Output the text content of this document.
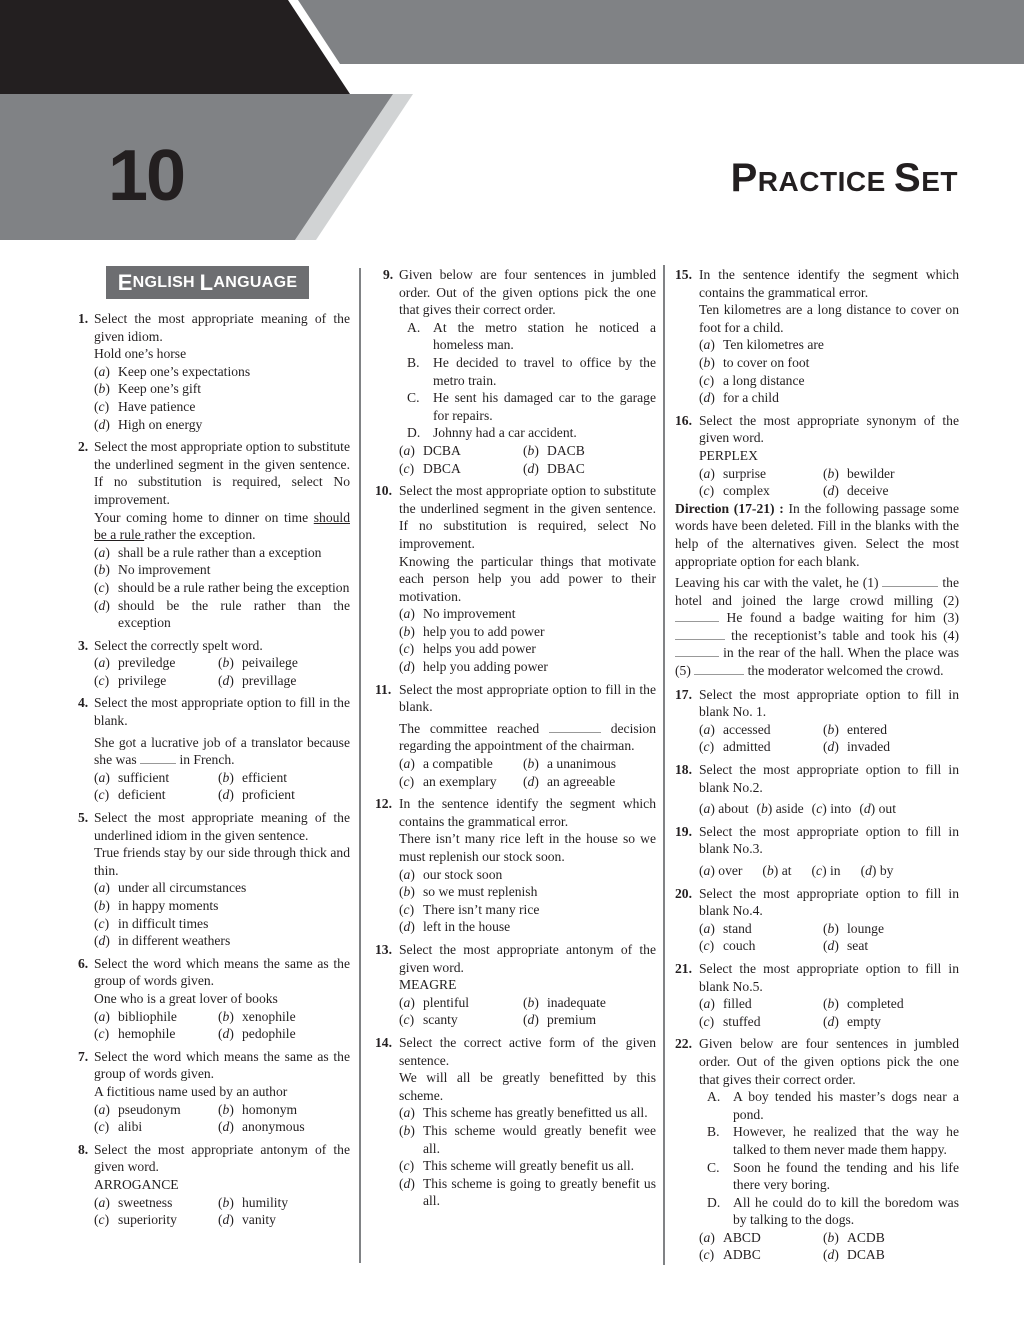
10	PRACTICE SET
E NGLISH
L ANGUAGE
1. Select the most appropriate meaning of the given idiom.
Hold one’s horse
(a) Keep one’s expectations
(b) Keep one’s gift
(c) Have patience
(d) High on energy
2. Select the most appropriate option to substitute the underlined segment in the given sentence. If no substitution is required, select No improvement.
Your coming home to dinner on time should be a rule rather the exception.
(a) shall be a rule rather than a exception
(b) No improvement
(c) should be a rule rather being the exception
(d) should be the rule rather than the exception
3. Select the correctly spelt word.
(a) previledge	(b) peivailege
(c) privilege	(d) previllage
4. Select the most appropriate option to fill in the blank.
She got a lucrative job of a translator because she was	in French.
(a) sufficient	(b) efficient
(c) deficient	(d) proficient
5. Select the most appropriate meaning of the underlined idiom in the given sentence.
True friends stay by our side through thick and thin.
(a) under all circumstances
(b) in happy moments
(c) in difficult times
(d) in different weathers
6. Select the word which means the same as the group of words given.
One who is a great lover of books
(a) bibliophile	(b) xenophile
(c) hemophile	(d) pedophile
7. Select the word which means the same as the group of words given.
A fictitious name used by an author
(a) pseudonym	(b) homonym
(c) alibi	(d) anonymous
8. Select the most appropriate antonym of the given word.
ARROGANCE
(a) sweetness	(b) humility
(c) superiority	(d) vanity
9. Given below are four sentences in jumbled order. Out of the given options pick the one that gives their correct order.
A. At the metro station he noticed a homeless man.
B. He decided to travel to office by the metro train.
C. He sent his damaged car to the garage for repairs.
D. Johnny had a car accident.
(a) DCBA	(b) DACB
(c) DBCA	(d) DBAC
10. Select the most appropriate option to substitute the underlined segment in the given sentence. If no substitution is required, select No improvement.
Knowing the particular things that motivate each person help you add power to their motivation.
(a) No improvement
(b) help you to add power
(c) helps you add power
(d) help you adding power
11. Select the most appropriate option to fill in the blank.
The committee reached	decision regarding the appointment of the chairman.
(a) a compatible	(b) a unanimous
(c) an exemplary	(d) an agreeable
12. In the sentence identify the segment which contains the grammatical error.
There isn’t many rice left in the house so we must replenish our stock soon.
(a) our stock soon
(b) so we must replenish
(c) There isn’t many rice
(d) left in the house
13. Select the most appropriate antonym of the given word.
MEAGRE
(a) plentiful	(b) inadequate
(c) scanty	(d) premium
14. Select the correct active form of the given sentence.
We will all be greatly benefitted by this scheme.
(a) This scheme has greatly benefitted us all.
(b) This scheme would greatly benefit wee all.
(c) This scheme will greatly benefit us all.
(d) This scheme is going to greatly benefit us all.
15. In the sentence identify the segment which contains the grammatical error.
Ten kilometres are a long distance to cover on foot for a child.
(a) Ten kilometres are
(b) to cover on foot
(c) a long distance
(d) for a child
16. Select the most appropriate synonym of the given word.
PERPLEX
(a) surprise	(b) bewilder
(c) complex	(d) deceive
Direction (17-21) : In the following passage some words have been deleted. Fill in the blanks with the help of the alternatives given. Select the most appropriate option for each blank.
Leaving his car with the valet, he (1)	the hotel and joined the large crowd milling (2)  He found a badge waiting for him (3)  the receptionist’s table and took his (4)  in the rear of the hall. When the place was (5)	the moderator welcomed the crowd.
17. Select the most appropriate option to fill in blank No. 1.
(a) accessed	(b) entered
(c) admitted	(d) invaded
18. Select the most appropriate option to fill in blank No.2.
(a) about (b) aside (c) into (d) out
19. Select the most appropriate option to fill in blank No.3.
(a) over (b) at (c) in (d) by
20. Select the most appropriate option to fill in blank No.4.
(a) stand	(b) lounge
(c) couch	(d) seat
21. Select the most appropriate option to fill in blank No.5.
(a) filled	(b) completed
(c) stuffed	(d) empty
22. Given below are four sentences in jumbled order. Out of the given options pick the one that gives their correct order.
A. A boy tended his master’s dogs near a pond.
B. However, he realized that the way he talked to them never made them happy.
C. Soon he found the tending and his life there very boring.
D. All he could do to kill the boredom was by talking to the dogs.
(a) ABCD	(b) ACDB
(c) ADBC	(d) DCAB
